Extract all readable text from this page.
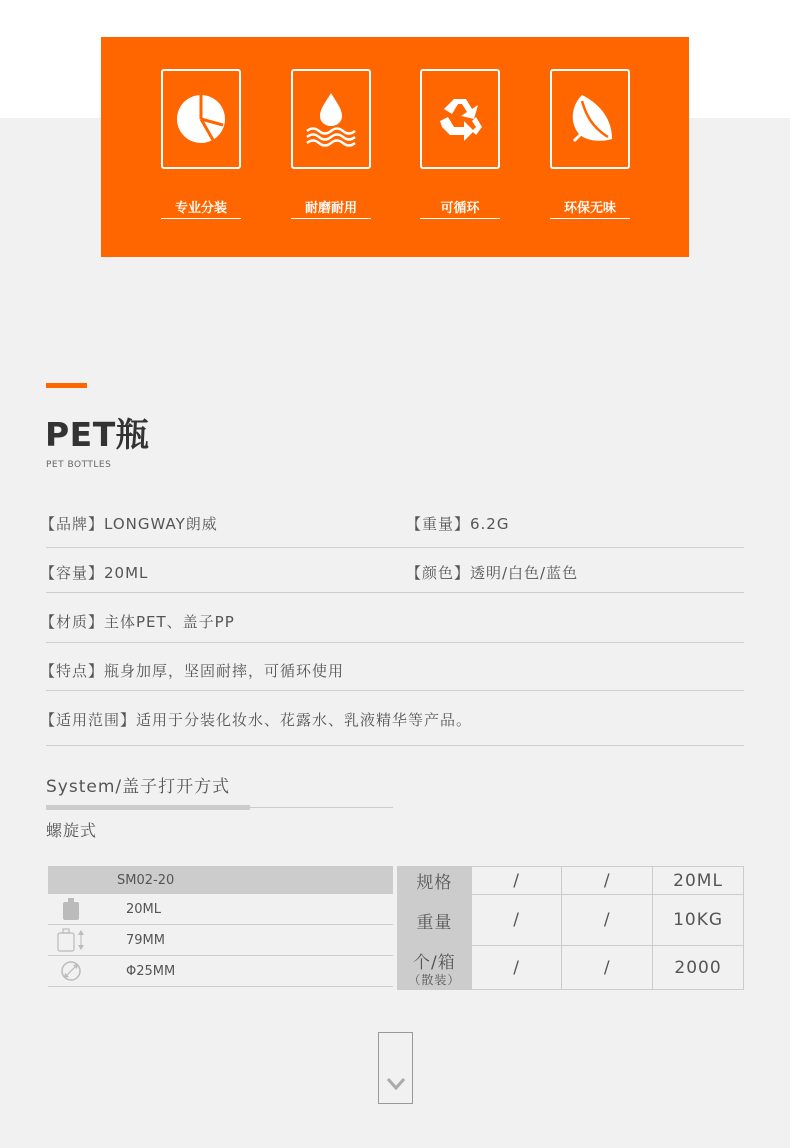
专业分装	耐磨耐用	可循环	环保无味
PET瓶
PET BOTTLES
【品牌】LONGWAY朗威	【重量】6.2G
【容量】20ML	【颜色】透明/白色/蓝色
【材质】主体PET、盖子PP
【特点】瓶身加厚，坚固耐摔，可循环使用
【适用范围】适用于分装化妆水、花露水、乳液精华等产品。
System/盖子打开方式
螺旋式
SM02-20
20ML
79MM
Φ25MM
规格	/	/	20ML
重量	/	/	10KG
个/箱
（散装）	/	/	2000
